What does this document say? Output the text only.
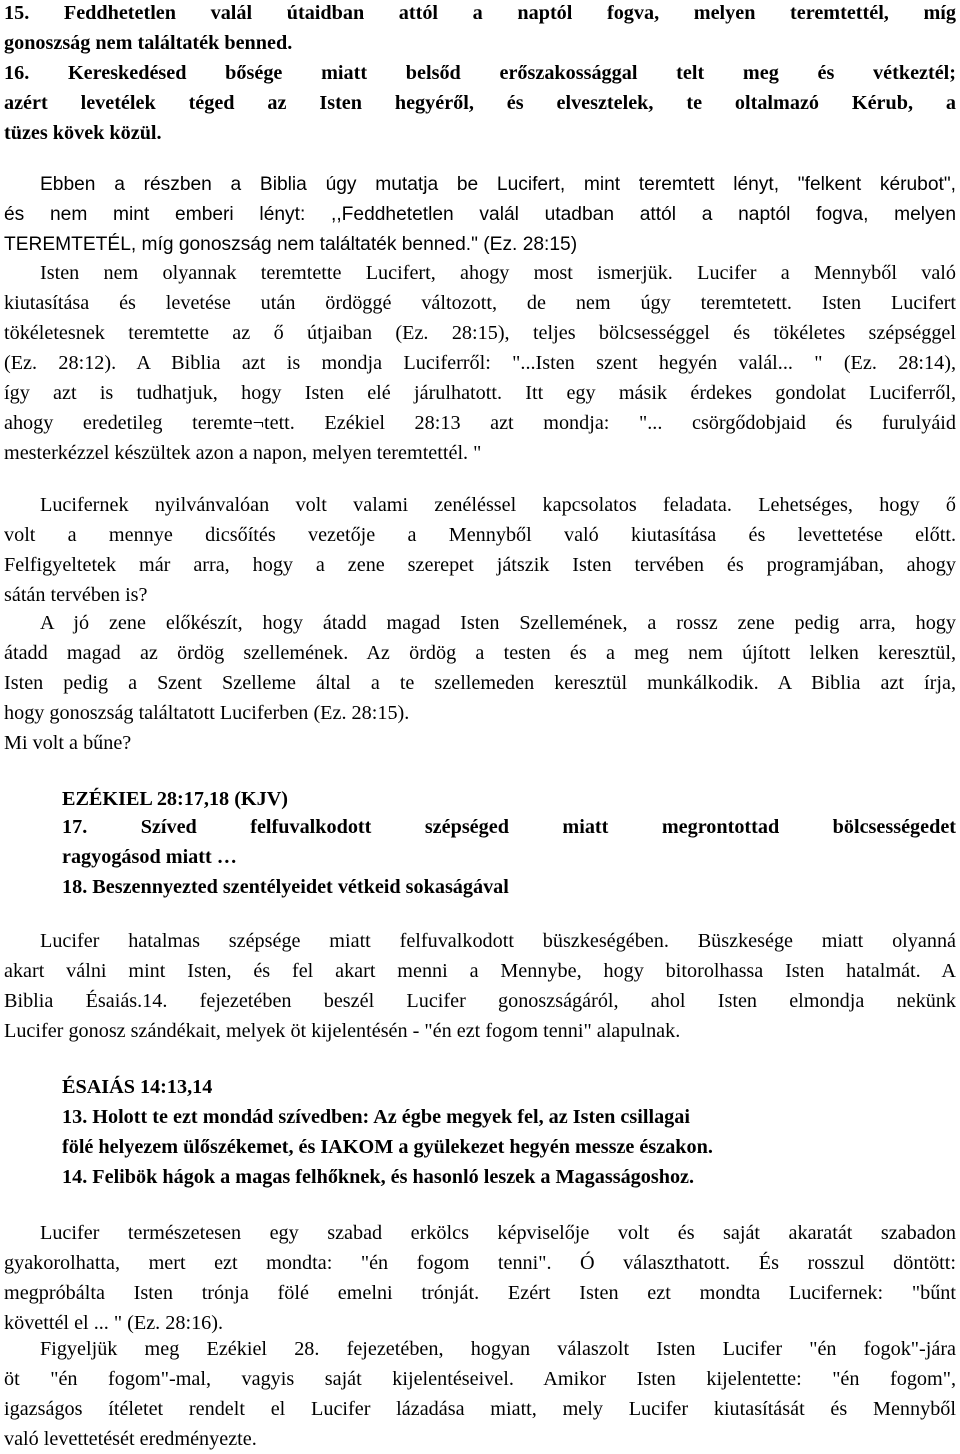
15. Feddhetetlen valál útaidban attól a naptól fogva, melyen teremtettél, míg
gonoszság nem találtaték benned.
16. Kereskedésed bősége miatt belsőd erőszakossággal telt meg és vétkeztél;
azért levetélek téged az Isten hegyéről, és elvesztelek, te oltalmazó Kérub, a
tüzes kövek közül.
Ebben a részben a Biblia úgy mutatja be Lucifert, mint teremtett lényt, "felkent kérubot",
és nem mint emberi lényt: ,,Feddhetetlen valál utadban attól a naptól fogva, melyen
TEREMTETÉL, míg gonoszság nem találtaték benned." (Ez. 28:15)
Isten nem olyannak teremtette Lucifert, ahogy most ismerjük. Lucifer a Mennyből való
kiutasítása és levetése után ördöggé változott, de nem úgy teremtetett. Isten Lucifert
tökéletesnek teremtette az ő útjaiban (Ez. 28:15), teljes bölcsességgel és tökéletes szépséggel
(Ez. 28:12). A Biblia azt is mondja Luciferről: "...Isten szent hegyén valál... " (Ez. 28:14),
így azt is tudhatjuk, hogy Isten elé járulhatott. Itt egy másik érdekes gondolat Luciferről,
ahogy eredetileg teremte¬tett. Ezékiel 28:13 azt mondja: "... csörgődobjaid és furulyáid
mesterkézzel készültek azon a napon, melyen teremtettél. "
Lucifernek nyilvánvalóan volt valami zenéléssel kapcsolatos feladata. Lehetséges, hogy ő
volt a mennye dicsőítés vezetője a Mennyből való kiutasítása és levettetése előtt.
Felfigyeltetek már arra, hogy a zene szerepet játszik Isten tervében és programjában, ahogy
sátán tervében is?
A jó zene előkészít, hogy átadd magad Isten Szellemének, a rossz zene pedig arra, hogy
átadd magad az ördög szellemének. Az ördög a testen és a meg nem újított lelken keresztül,
Isten pedig a Szent Szelleme által a te szellemeden keresztül munkálkodik. A Biblia azt írja,
hogy gonoszság találtatott Luciferben (Ez. 28:15).
Mi volt a bűne?
EZÉKIEL 28:17,18 (KJV)
17. Szíved felfuvalkodott szépséged miatt megrontottad bölcsességedet
ragyogásod miatt …
18. Beszennyezted szentélyeidet vétkeid sokaságával
Lucifer hatalmas szépsége miatt felfuvalkodott büszkeségében. Büszkesége miatt olyanná
akart válni mint Isten, és fel akart menni a Mennybe, hogy bitorolhassa Isten hatalmát. A
Biblia Ésaiás.14. fejezetében beszél Lucifer gonoszságáról, ahol Isten elmondja nekünk
Lucifer gonosz szándékait, melyek öt kijelentésén - "én ezt fogom tenni" alapulnak.
ÉSAIÁS 14:13,14
13. Holott te ezt mondád szívedben: Az égbe megyek fel, az Isten csillagai
fölé helyezem ülőszékemet, és IAKOM a gyülekezet hegyén messze északon.
14. Felibök hágok a magas felhőknek, és hasonló leszek a Magasságoshoz.
Lucifer természetesen egy szabad erkölcs képviselője volt és saját akaratát szabadon
gyakorolhatta, mert ezt mondta: "én fogom tenni". Ó választhatott. És rosszul döntött:
megpróbálta Isten trónja fölé emelni trónját. Ezért Isten ezt mondta Lucifernek: "bűnt
követtél el ... " (Ez. 28:16).
Figyeljük meg Ezékiel 28. fejezetében, hogyan válaszolt Isten Lucifer "én fogok"-jára
öt "én fogom"-mal, vagyis saját kijelentéseivel. Amikor Isten kijelentette: "én fogom",
igazságos ítéletet rendelt el Lucifer lázadása miatt, mely Lucifer kiutasítását és Mennyből
való levettetését eredményezte.
